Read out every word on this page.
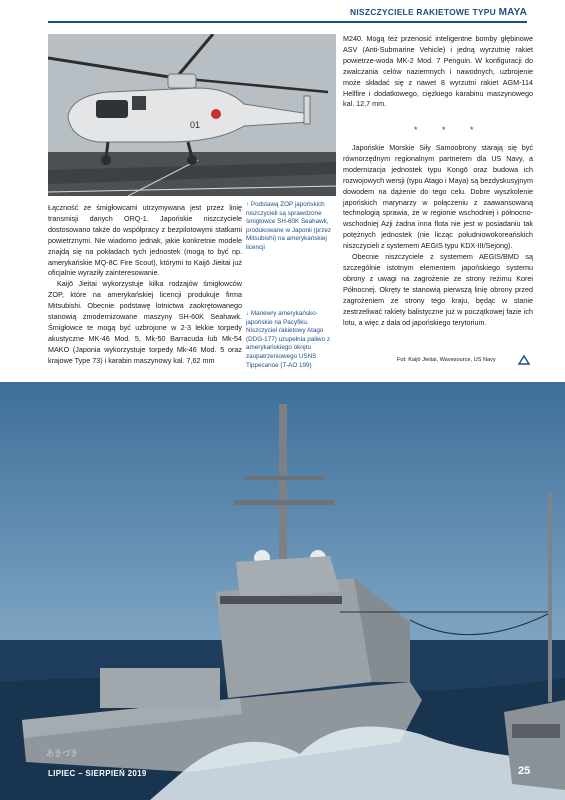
NISZCZYCIELE RAKIETOWE TYPU MAYA
01

Łączność ze śmigłowcami utrzymywana jest przez linię transmisji danych ORQ-1. Japońskie niszczyciele dostosowano także do współpracy z bezpilotowymi statkami powietrznymi. Nie wiadomo jednak, jakie konkretnie modele znajdą się na pokładach tych jednostek (mogą to być np. amerykańskie MQ-8C Fire Scout), którymi to Kaijō Jieitai już oficjalnie wyraziły zainteresowanie.

Kaijō Jieitai wykorzystuje kilka rodzajów śmigłowców ZOP, które na amerykańskiej licencji produkuje firma Mitsubishi. Obecnie podstawę lotnictwa zaokrętowanego stanowią zmodernizowane maszyny SH-60K Seahawk. Śmigłowce te mogą być uzbrojone w 2-3 lekkie torpedy akustyczne MK-46 Mod. 5, Mk-50 Barracuda lub Mk-54 MAKO (Japonia wykorzystuje torpedy Mk-46 Mod. 5 oraz krajowe Type 73) i karabin maszynowy kal. 7,62 mm

↑ Podstawą ZOP japońskich niszczycieli są sprawdzone śmigłowce SH-60K Seahawk, produkowane w Japonii (przez Mitsubishi) na amerykańskiej licencji
↓ Manewry amerykańsko-japońskie na Pacyfiku. Niszczyciel rakietowy Atago (DDG-177) uzupełnia paliwo z amerykańskiego okrętu zaopatrzeniowego USNS Tippecanoe (T-AO 199)

M240. Mogą też przenosić inteligentne bomby głębinowe ASV (Anti-Submarine Vehicle) i jedną wyrzutnię rakiet powietrze-woda MK-2 Mod. 7 Penguin. W konfiguracji do zwalczania celów naziemnych i nawodnych, uzbrojenie może składać się z nawet 8 wyrzutni rakiet AGM-114 Hellfire i dodatkowego, ciężkiego karabinu maszynowego kal. 12,7 mm.

* * *

Japońskie Morskie Siły Samoobrony starają się być równorzędnym regionalnym partnerem dla US Navy, a modernizacja jednostek typu Kongō oraz budowa ich rozwojowych wersji (typu Atago i Maya) są bezdyskusyjnym dowodem na dążenie do tego celu. Dobre wyszkolenie japońskich marynarzy w połączeniu z zaawansowaną technologią sprawia, że w regionie wschodniej i północno-wschodniej Azji żadna inna flota nie jest w posiadaniu tak potężnych jednostek (nie licząc południowokoreańskich niszczycieli z systemem AEGIS typu KDX-III/Sejong).

Obecnie niszczyciele z systemem AEGIS/BMD są szczególnie istotnym elementem japońskiego systemu obrony z uwagi na zagrożenie ze strony reżimu Korei Północnej. Okręty te stanowią pierwszą linię obrony przed zagrożeniem ze strony tego kraju, będąc w stanie zestrzeliwać rakiety balistyczne już w początkowej fazie ich lotu, a więc z dala od japońskiego terytorium.

Fot: Kaijō Jieitai, Wavesource, US Navy
あきづき
LIPIEC – SIERPIEŃ 2019	25
